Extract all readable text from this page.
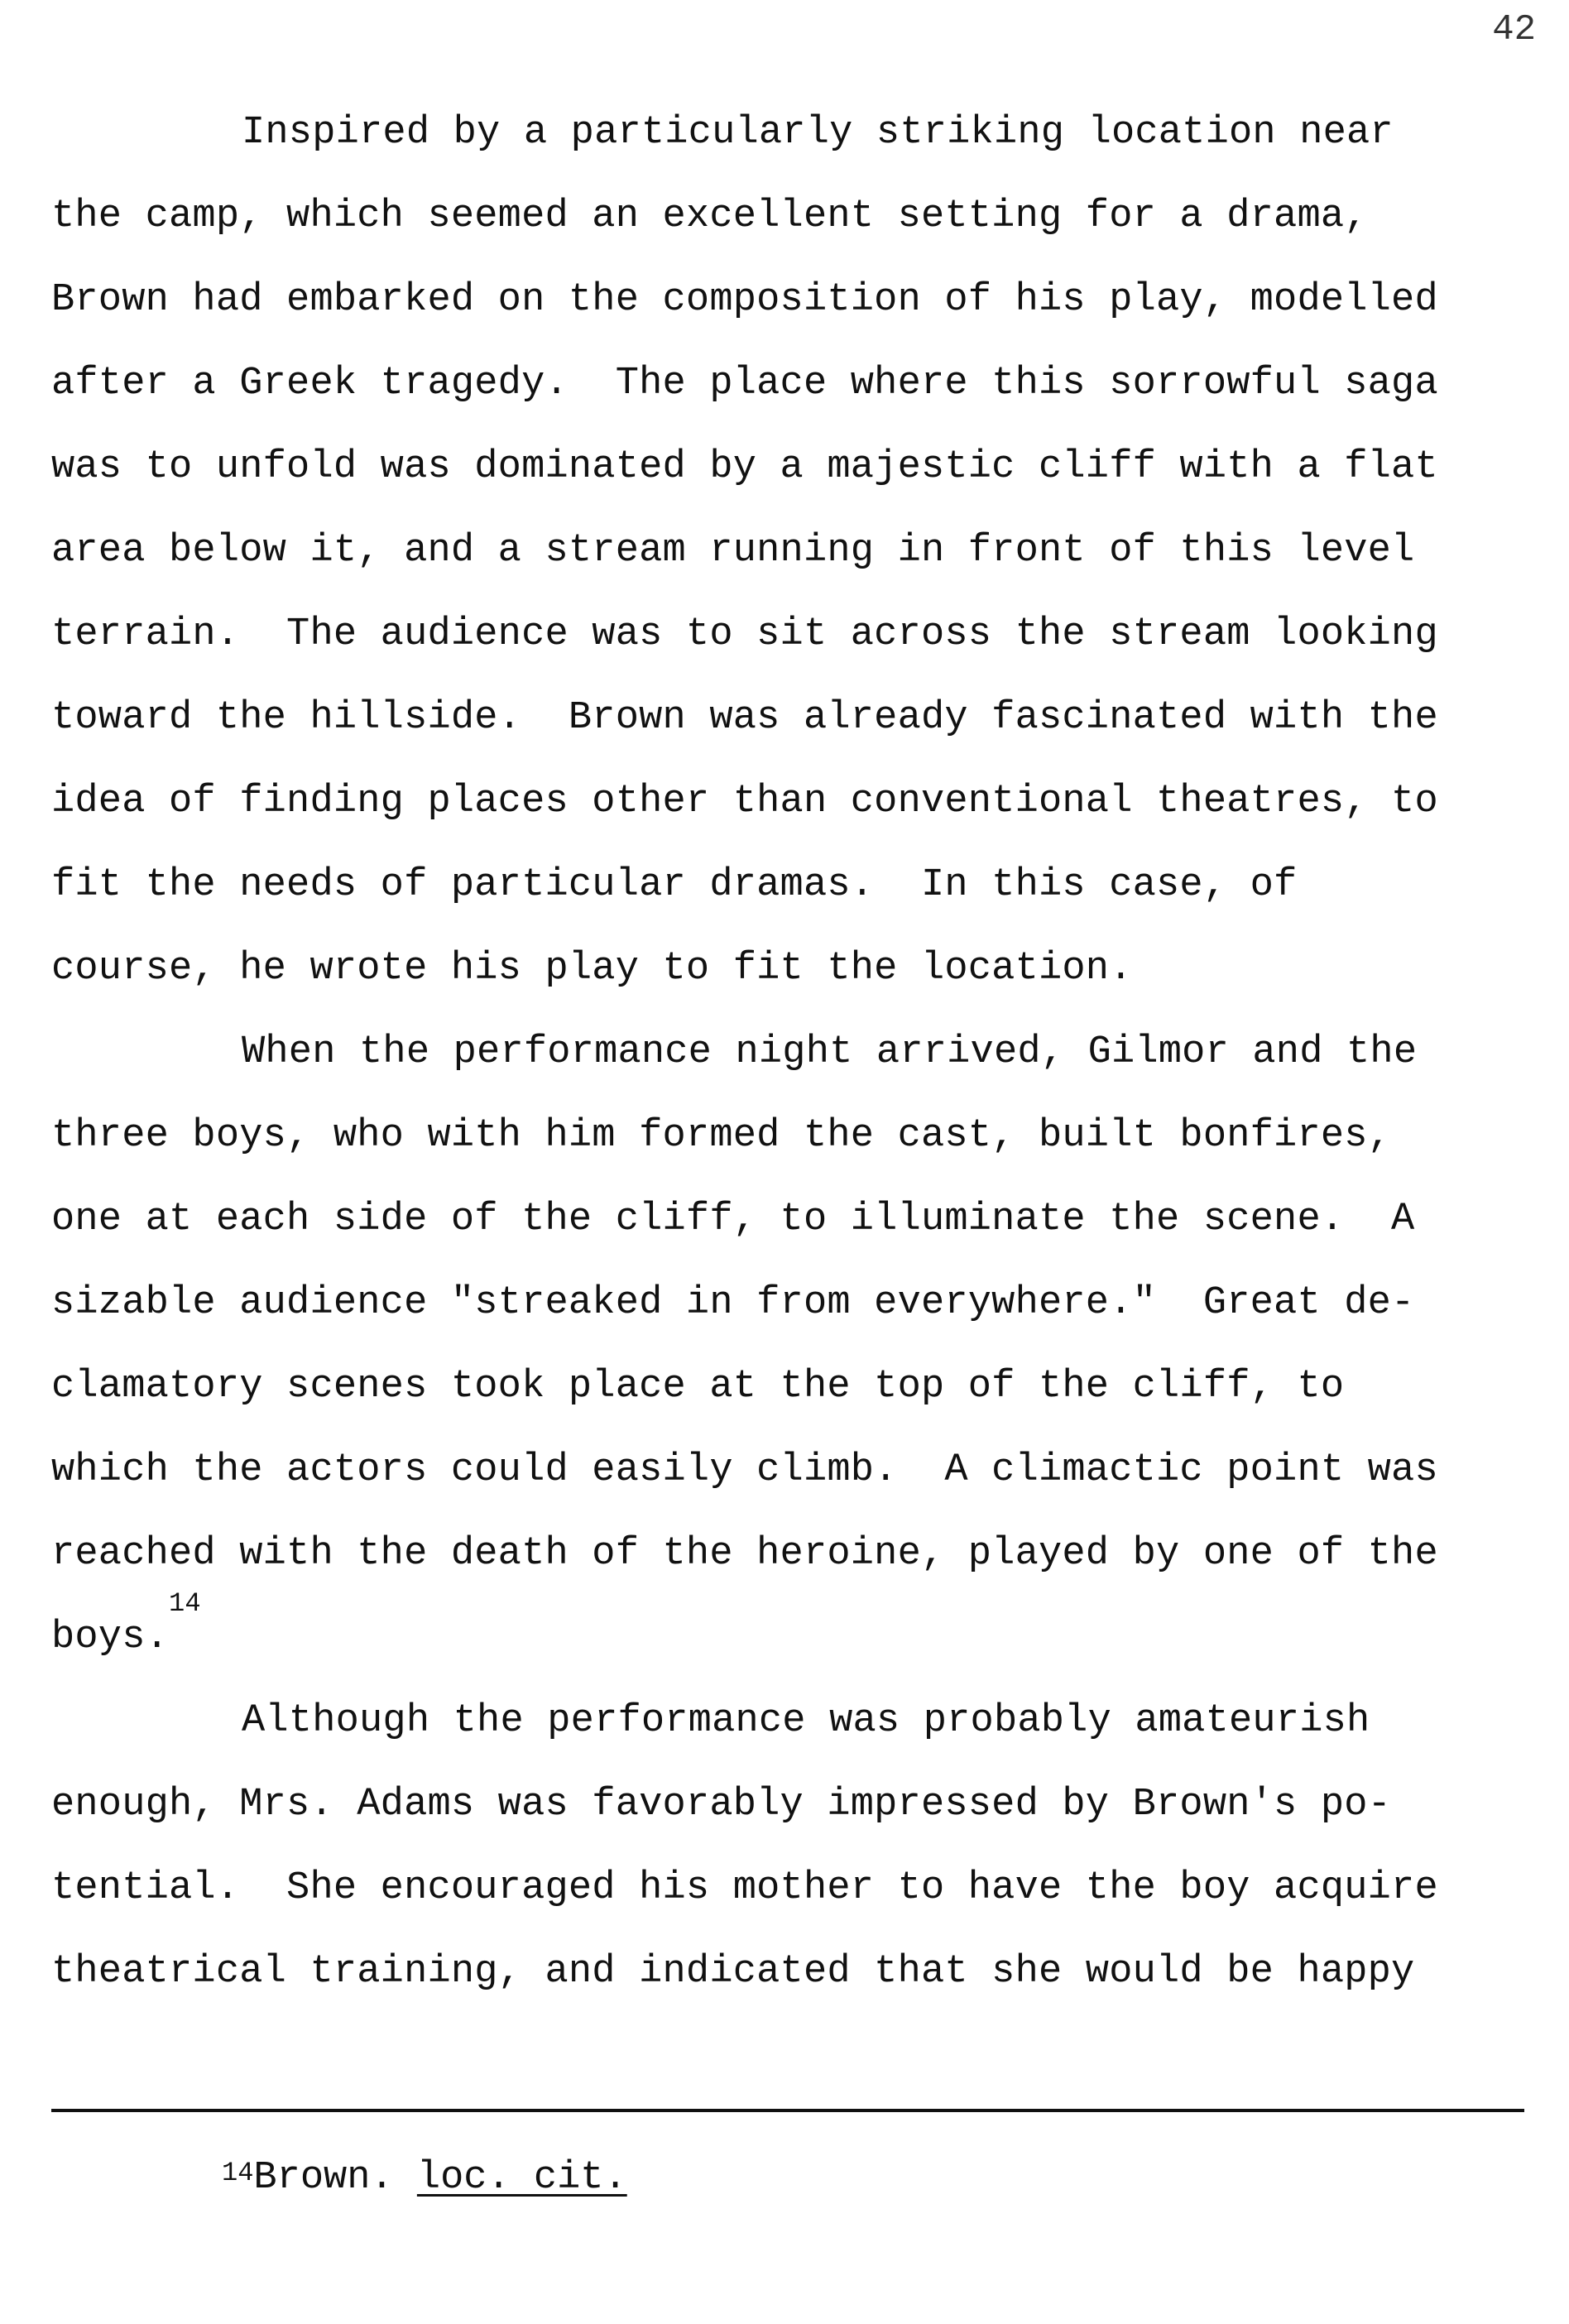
42
Inspired by a particularly striking location near
the camp, which seemed an excellent setting for a drama,
Brown had embarked on the composition of his play, modelled
after a Greek tragedy.  The place where this sorrowful saga
was to unfold was dominated by a majestic cliff with a flat
area below it, and a stream running in front of this level
terrain.  The audience was to sit across the stream looking
toward the hillside.  Brown was already fascinated with the
idea of finding places other than conventional theatres, to
fit the needs of particular dramas.  In this case, of
course, he wrote his play to fit the location.
When the performance night arrived, Gilmor and the
three boys, who with him formed the cast, built bonfires,
one at each side of the cliff, to illuminate the scene.  A
sizable audience "streaked in from everywhere."  Great de-
clamatory scenes took place at the top of the cliff, to
which the actors could easily climb.  A climactic point was
reached with the death of the heroine, played by one of the
boys.$^{14}$
Although the performance was probably amateurish
enough, Mrs. Adams was favorably impressed by Brown's po-
tential.  She encouraged his mother to have the boy acquire
theatrical training, and indicated that she would be happy
$^{14}$Brown. loc. cit.
